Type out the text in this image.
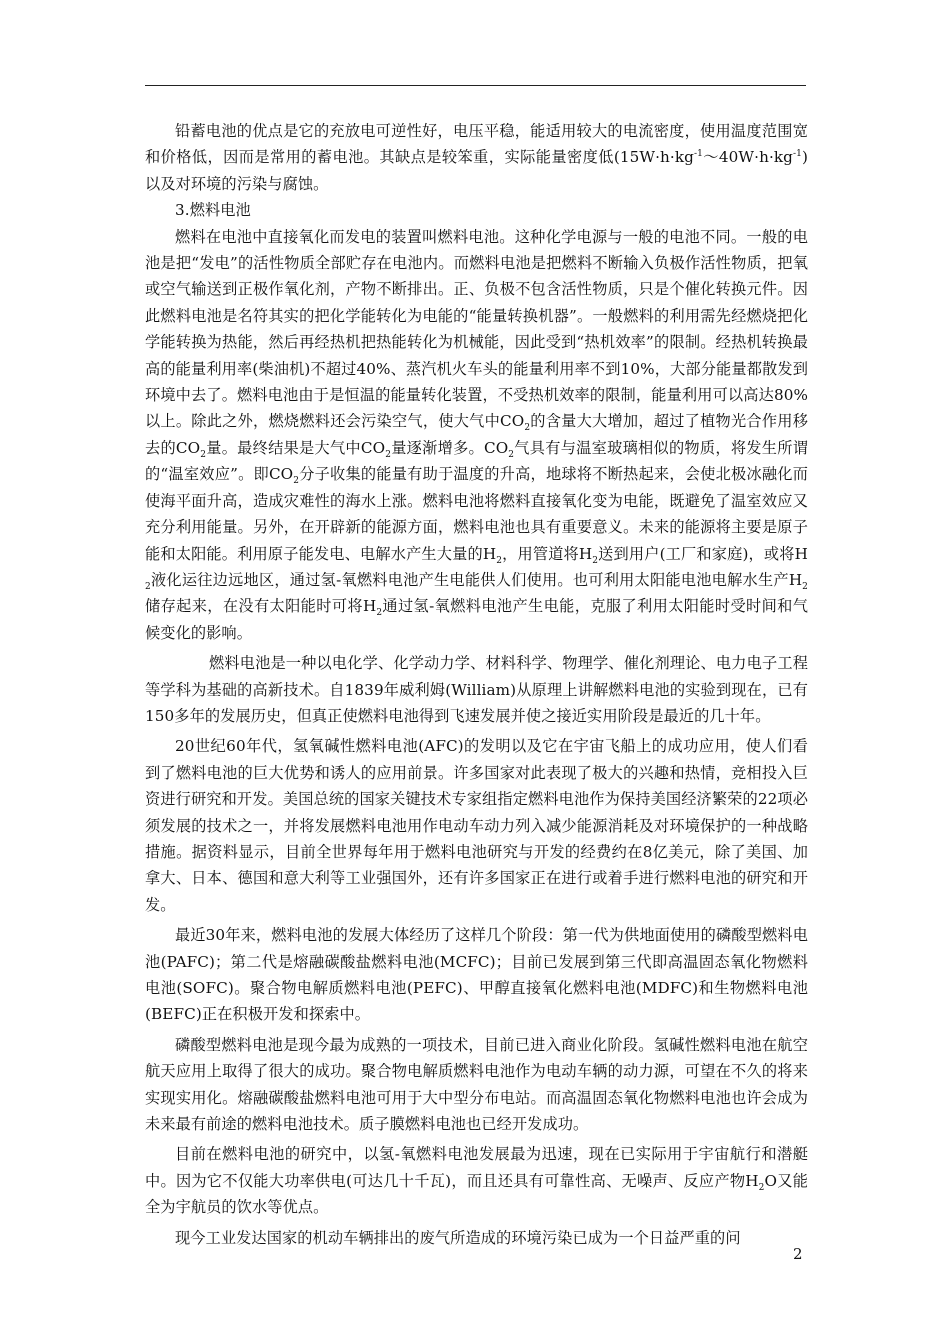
铅蓄电池的优点是它的充放电可逆性好，电压平稳，能适用较大的电流密度，使用温度范围宽和价格低，因而是常用的蓄电池。其缺点是较笨重，实际能量密度低$(15W\cdot h\cdot kg^{-1}\sim 40W\cdot h\cdot kg^{-1})$以及对环境的污染与腐蚀。

3.燃料电池

燃料在电池中直接氧化而发电的装置叫燃料电池。这种化学电源与一般的电池不同。一般的电池是把“发电”的活性物质全部贮存在电池内。而燃料电池是把燃料不断输入负极作活性物质，把氧或空气输送到正极作氧化剂，产物不断排出。正、负极不包含活性物质，只是个催化转换元件。因此燃料电池是名符其实的把化学能转化为电能的“能量转换机器”。一般燃料的利用需先经燃烧把化学能转换为热能，然后再经热机把热能转化为机械能，因此受到“热机效率”的限制。经热机转换最高的能量利用率(柴油机)不超过40%、蒸汽机火车头的能量利用率不到10%，大部分能量都散发到环境中去了。燃料电池由于是恒温的能量转化装置，不受热机效率的限制，能量利用可以高达80%以上。除此之外，燃烧燃料还会污染空气，使大气中$CO_2$的含量大大增加，超过了植物光合作用移去的$CO_2$量。最终结果是大气中$CO_2$量逐渐增多。$CO_2$气具有与温室玻璃相似的物质，将发生所谓的“温室效应”。即$CO_2$分子收集的能量有助于温度的升高，地球将不断热起来，会使北极冰融化而使海平面升高，造成灾难性的海水上涨。燃料电池将燃料直接氧化变为电能，既避免了温室效应又充分利用能量。另外，在开辟新的能源方面，燃料电池也具有重要意义。未来的能源将主要是原子能和太阳能。利用原子能发电、电解水产生大量的$H_2$，用管道将$H_2$送到用户(工厂和家庭)，或将$H_2$液化运往边远地区，通过氢-氧燃料电池产生电能供人们使用。也可利用太阳能电池电解水生产$H_2$储存起来，在没有太阳能时可将$H_2$通过氢-氧燃料电池产生电能，克服了利用太阳能时受时间和气候变化的影响。

燃料电池是一种以电化学、化学动力学、材料科学、物理学、催化剂理论、电力电子工程等学科为基础的高新技术。自1839年威利姆(William)从原理上讲解燃料电池的实验到现在，已有150多年的发展历史，但真正使燃料电池得到飞速发展并使之接近实用阶段是最近的几十年。

20世纪60年代，氢氧碱性燃料电池(AFC)的发明以及它在宇宙飞船上的成功应用，使人们看到了燃料电池的巨大优势和诱人的应用前景。许多国家对此表现了极大的兴趣和热情，竞相投入巨资进行研究和开发。美国总统的国家关键技术专家组指定燃料电池作为保持美国经济繁荣的22项必须发展的技术之一，并将发展燃料电池用作电动车动力列入减少能源消耗及对环境保护的一种战略措施。据资料显示，目前全世界每年用于燃料电池研究与开发的经费约在8亿美元，除了美国、加拿大、日本、德国和意大利等工业强国外，还有许多国家正在进行或着手进行燃料电池的研究和开发。

最近30年来，燃料电池的发展大体经历了这样几个阶段：第一代为供地面使用的磷酸型燃料电池(PAFC)；第二代是熔融碳酸盐燃料电池(MCFC)；目前已发展到第三代即高温固态氧化物燃料电池(SOFC)。聚合物电解质燃料电池(PEFC)、甲醇直接氧化燃料电池(MDFC)和生物燃料电池(BEFC)正在积极开发和探索中。

磷酸型燃料电池是现今最为成熟的一项技术，目前已进入商业化阶段。氢碱性燃料电池在航空航天应用上取得了很大的成功。聚合物电解质燃料电池作为电动车辆的动力源，可望在不久的将来实现实用化。熔融碳酸盐燃料电池可用于大中型分布电站。而高温固态氧化物燃料电池也许会成为未来最有前途的燃料电池技术。质子膜燃料电池也已经开发成功。

目前在燃料电池的研究中，以氢-氧燃料电池发展最为迅速，现在已实际用于宇宙航行和潜艇中。因为它不仅能大功率供电(可达几十千瓦)，而且还具有可靠性高、无噪声、反应产物$H_2O$又能全为宇航员的饮水等优点。

现今工业发达国家的机动车辆排出的废气所造成的环境污染已成为一个日益严重的问

2
